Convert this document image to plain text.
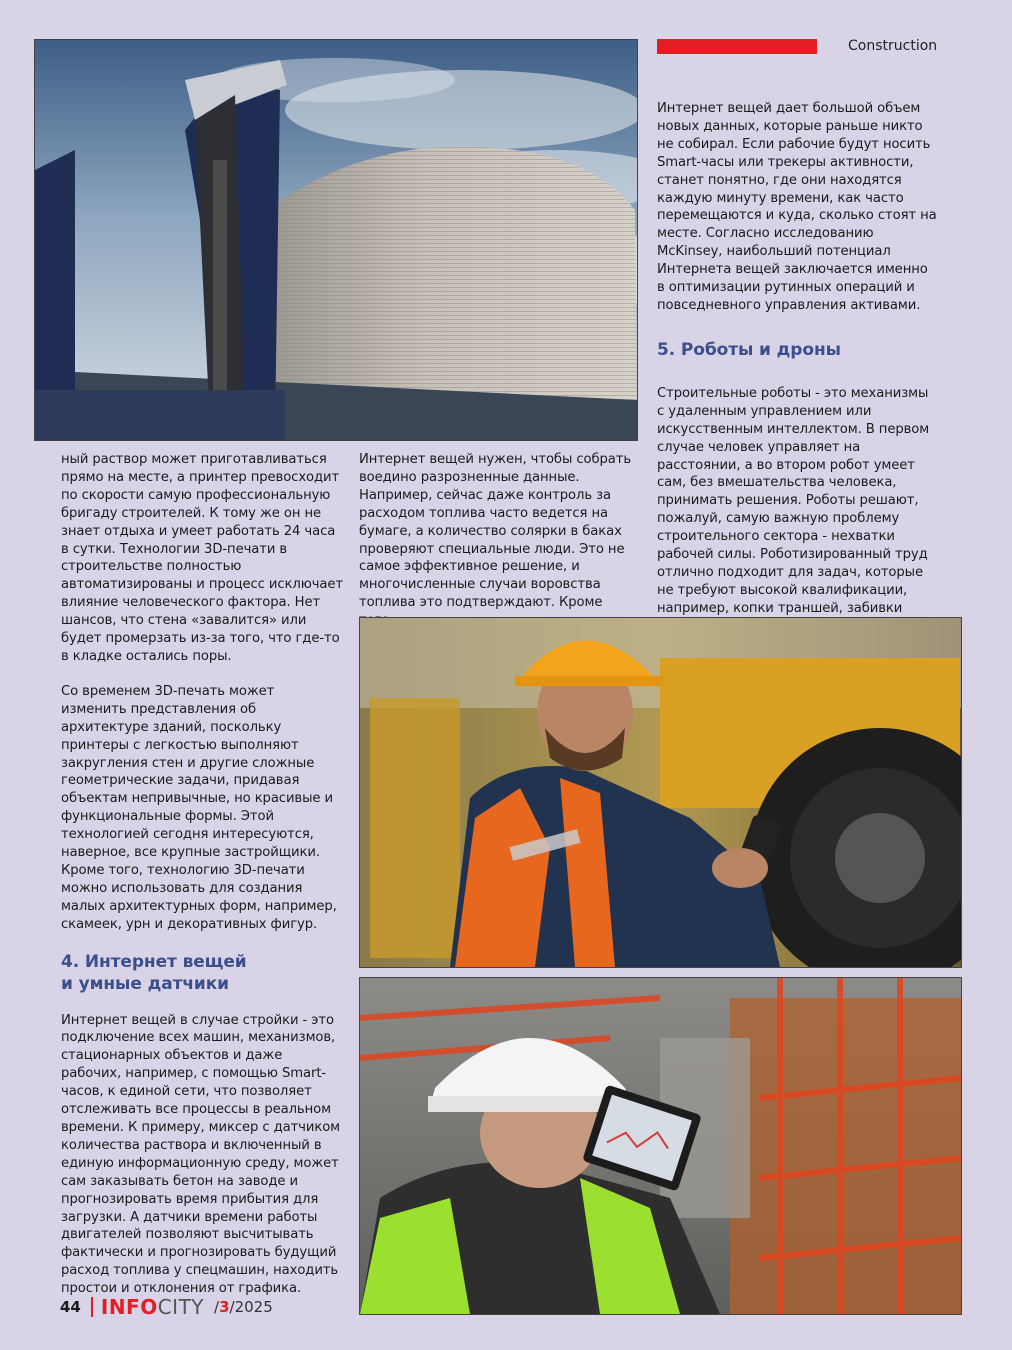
Construction

ный раствор может приготавливаться прямо на месте, а принтер превосходит по скорости самую профессиональную бригаду строителей. К тому же он не знает отдыха и умеет работать 24 часа в сутки. Технологии 3D-печати в строительстве полностью автоматизированы и процесс исключает влияние человеческого фактора. Нет шансов, что стена «завалится» или будет промерзать из-за того, что где-то в кладке остались поры.

Со временем 3D-печать может изменить представления об архитектуре зданий, поскольку принтеры с легкостью выполняют закругления стен и другие сложные геометрические задачи, придавая объектам непривычные, но красивые и функциональные формы. Этой технологией сегодня интересуются, наверное, все крупные застройщики. Кроме того, технологию 3D-печати можно использовать для создания малых архитектурных форм, например, скамеек, урн и декоративных фигур.

4. Интернет вещей

и умные датчики

Интернет вещей в случае стройки - это подключение всех машин, механизмов, стационарных объектов и даже рабочих, например, с помощью Smart-часов, к единой сети, что позволяет отслеживать все процессы в реальном времени. К примеру, миксер с датчиком количества раствора и включенный в единую информационную среду, может сам заказывать бетон на заводе и прогнозировать время прибытия для загрузки. А датчики времени работы двигателей позволяют высчитывать фактически и прогнозировать будущий расход топлива у спецмашин, находить простои и отклонения от графика.

Интернет вещей нужен, чтобы собрать воедино разрозненные данные. Например, сейчас даже контроль за расходом топлива часто ведется на бумаге, а количество солярки в баках проверяют специальные люди. Это не самое эффективное решение, и многочисленные случаи воровства топлива это подтверждают. Кроме

Интернет вещей дает большой объем новых данных, которые раньше никто не собирал. Если рабочие будут носить Smart-часы или трекеры активности, станет понятно, где они находятся каждую минуту времени, как часто перемещаются и куда, сколько стоят на месте. Согласно исследованию McKinsey, наибольший потенциал Интернета вещей заключается именно в оптимизации рутинных операций и повседневного управления активами.

5. Роботы и дроны

Строительные роботы - это механизмы с удаленным управлением или искусственным интеллектом. В первом случае человек управляет на расстоянии, а во втором робот умеет сам, без вмешательства человека, принимать решения. Роботы решают, пожалуй, самую важную проблему строительного сектора - нехватки рабочей силы. Роботизированный труд отлично подходит для задач, которые не требуют высокой квалификации, например, копки траншей, забивки

44 INFOCITY /3/2025
